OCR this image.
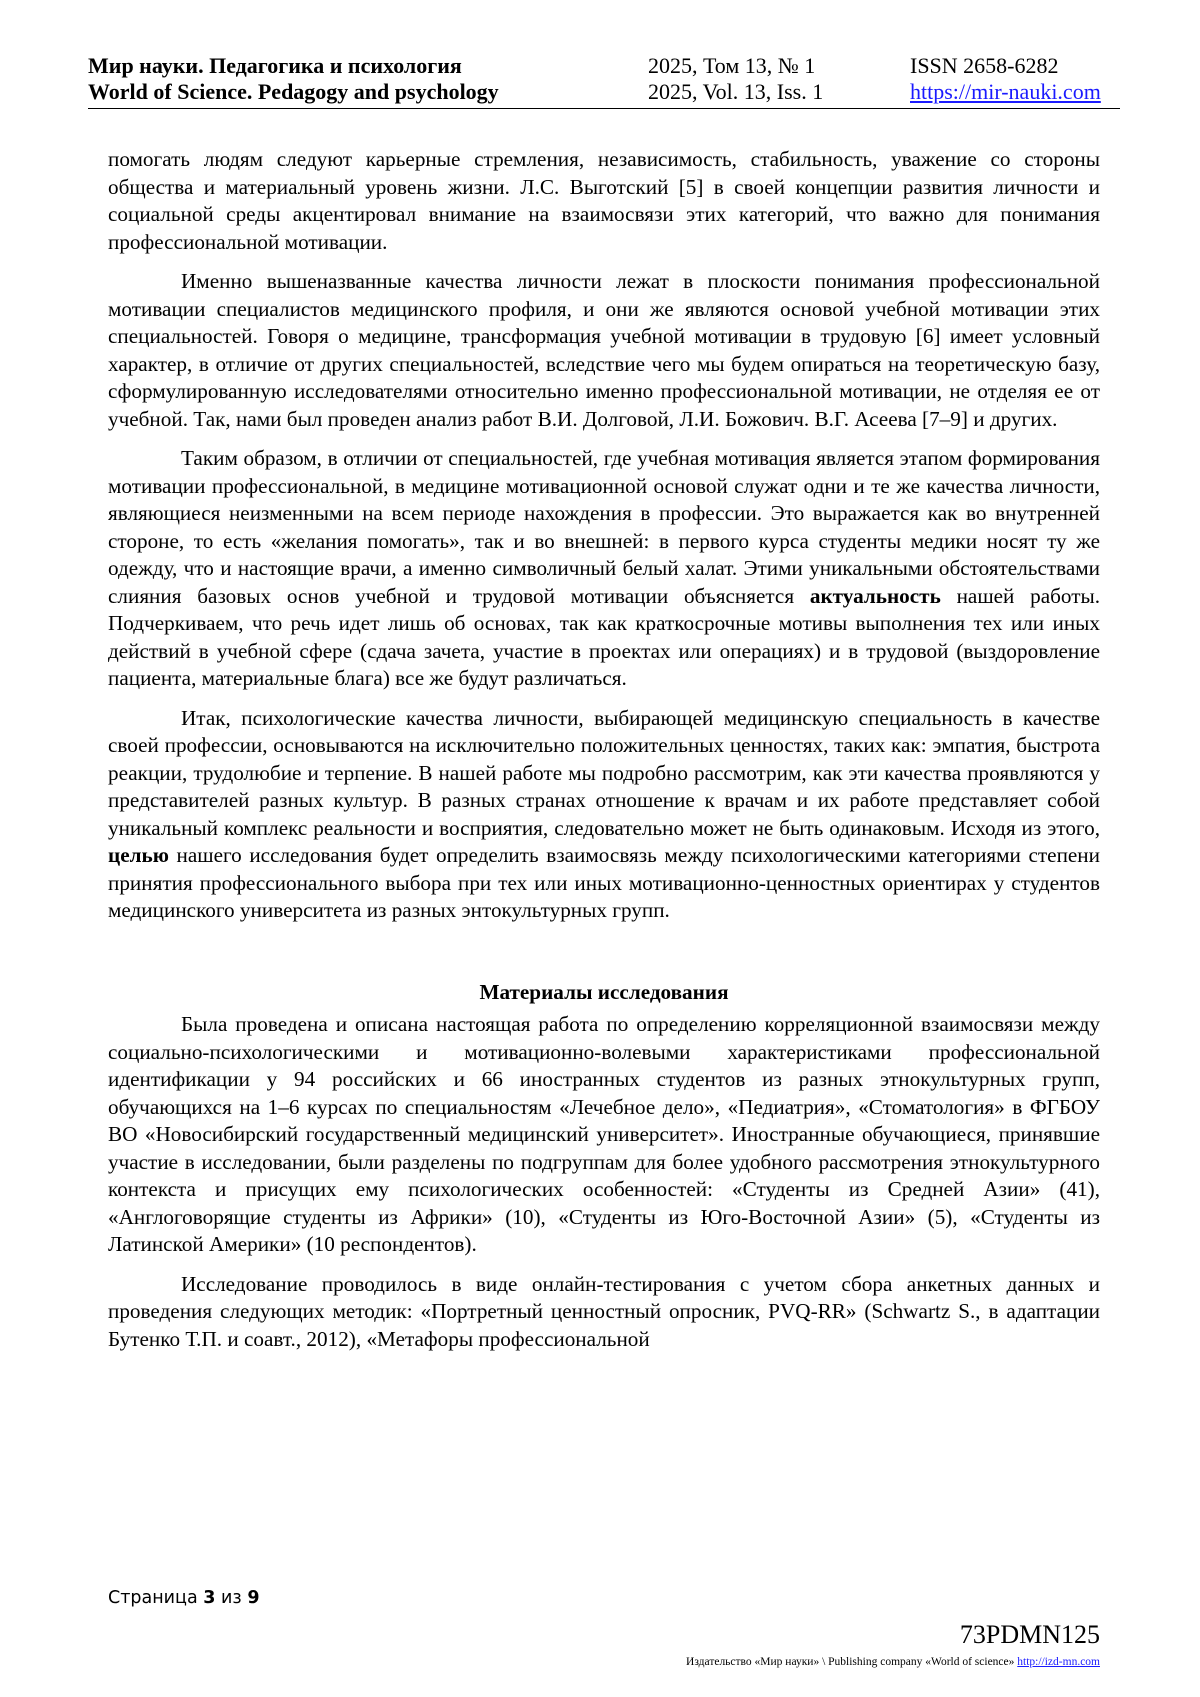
Мир науки. Педагогика и психология
World of Science. Pedagogy and psychology
2025, Том 13, № 1
2025, Vol. 13, Iss. 1
ISSN 2658-6282
https://mir-nauki.com

помогать людям следуют карьерные стремления, независимость, стабильность, уважение со стороны общества и материальный уровень жизни. Л.С. Выготский [5] в своей концепции развития личности и социальной среды акцентировал внимание на взаимосвязи этих категорий, что важно для понимания профессиональной мотивации.

Именно вышеназванные качества личности лежат в плоскости понимания профессиональной мотивации специалистов медицинского профиля, и они же являются основой учебной мотивации этих специальностей. Говоря о медицине, трансформация учебной мотивации в трудовую [6] имеет условный характер, в отличие от других специальностей, вследствие чего мы будем опираться на теоретическую базу, сформулированную исследователями относительно именно профессиональной мотивации, не отделяя ее от учебной. Так, нами был проведен анализ работ В.И. Долговой, Л.И. Божович. В.Г. Асеева [7–9] и других.

Таким образом, в отличии от специальностей, где учебная мотивация является этапом формирования мотивации профессиональной, в медицине мотивационной основой служат одни и те же качества личности, являющиеся неизменными на всем периоде нахождения в профессии. Это выражается как во внутренней стороне, то есть «желания помогать», так и во внешней: в первого курса студенты медики носят ту же одежду, что и настоящие врачи, а именно символичный белый халат. Этими уникальными обстоятельствами слияния базовых основ учебной и трудовой мотивации объясняется актуальность нашей работы. Подчеркиваем, что речь идет лишь об основах, так как краткосрочные мотивы выполнения тех или иных действий в учебной сфере (сдача зачета, участие в проектах или операциях) и в трудовой (выздоровление пациента, материальные блага) все же будут различаться.

Итак, психологические качества личности, выбирающей медицинскую специальность в качестве своей профессии, основываются на исключительно положительных ценностях, таких как: эмпатия, быстрота реакции, трудолюбие и терпение. В нашей работе мы подробно рассмотрим, как эти качества проявляются у представителей разных культур. В разных странах отношение к врачам и их работе представляет собой уникальный комплекс реальности и восприятия, следовательно может не быть одинаковым. Исходя из этого, целью нашего исследования будет определить взаимосвязь между психологическими категориями степени принятия профессионального выбора при тех или иных мотивационно-ценностных ориентирах у студентов медицинского университета из разных энтокультурных групп.

Материалы исследования

Была проведена и описана настоящая работа по определению корреляционной взаимосвязи между социально-психологическими и мотивационно-волевыми характеристиками профессиональной идентификации у 94 российских и 66 иностранных студентов из разных этнокультурных групп, обучающихся на 1–6 курсах по специальностям «Лечебное дело», «Педиатрия», «Стоматология» в ФГБОУ ВО «Новосибирский государственный медицинский университет». Иностранные обучающиеся, принявшие участие в исследовании, были разделены по подгруппам для более удобного рассмотрения этнокультурного контекста и присущих ему психологических особенностей: «Студенты из Средней Азии» (41), «Англоговорящие студенты из Африки» (10), «Студенты из Юго-Восточной Азии» (5), «Студенты из Латинской Америки» (10 респондентов).

Исследование проводилось в виде онлайн-тестирования с учетом сбора анкетных данных и проведения следующих методик: «Портретный ценностный опросник, PVQ-RR» (Schwartz S., в адаптации Бутенко Т.П. и соавт., 2012), «Метафоры профессиональной

Страница 3 из 9
73PDMN125
Издательство «Мир науки» \ Publishing company «World of science» http://izd-mn.com
